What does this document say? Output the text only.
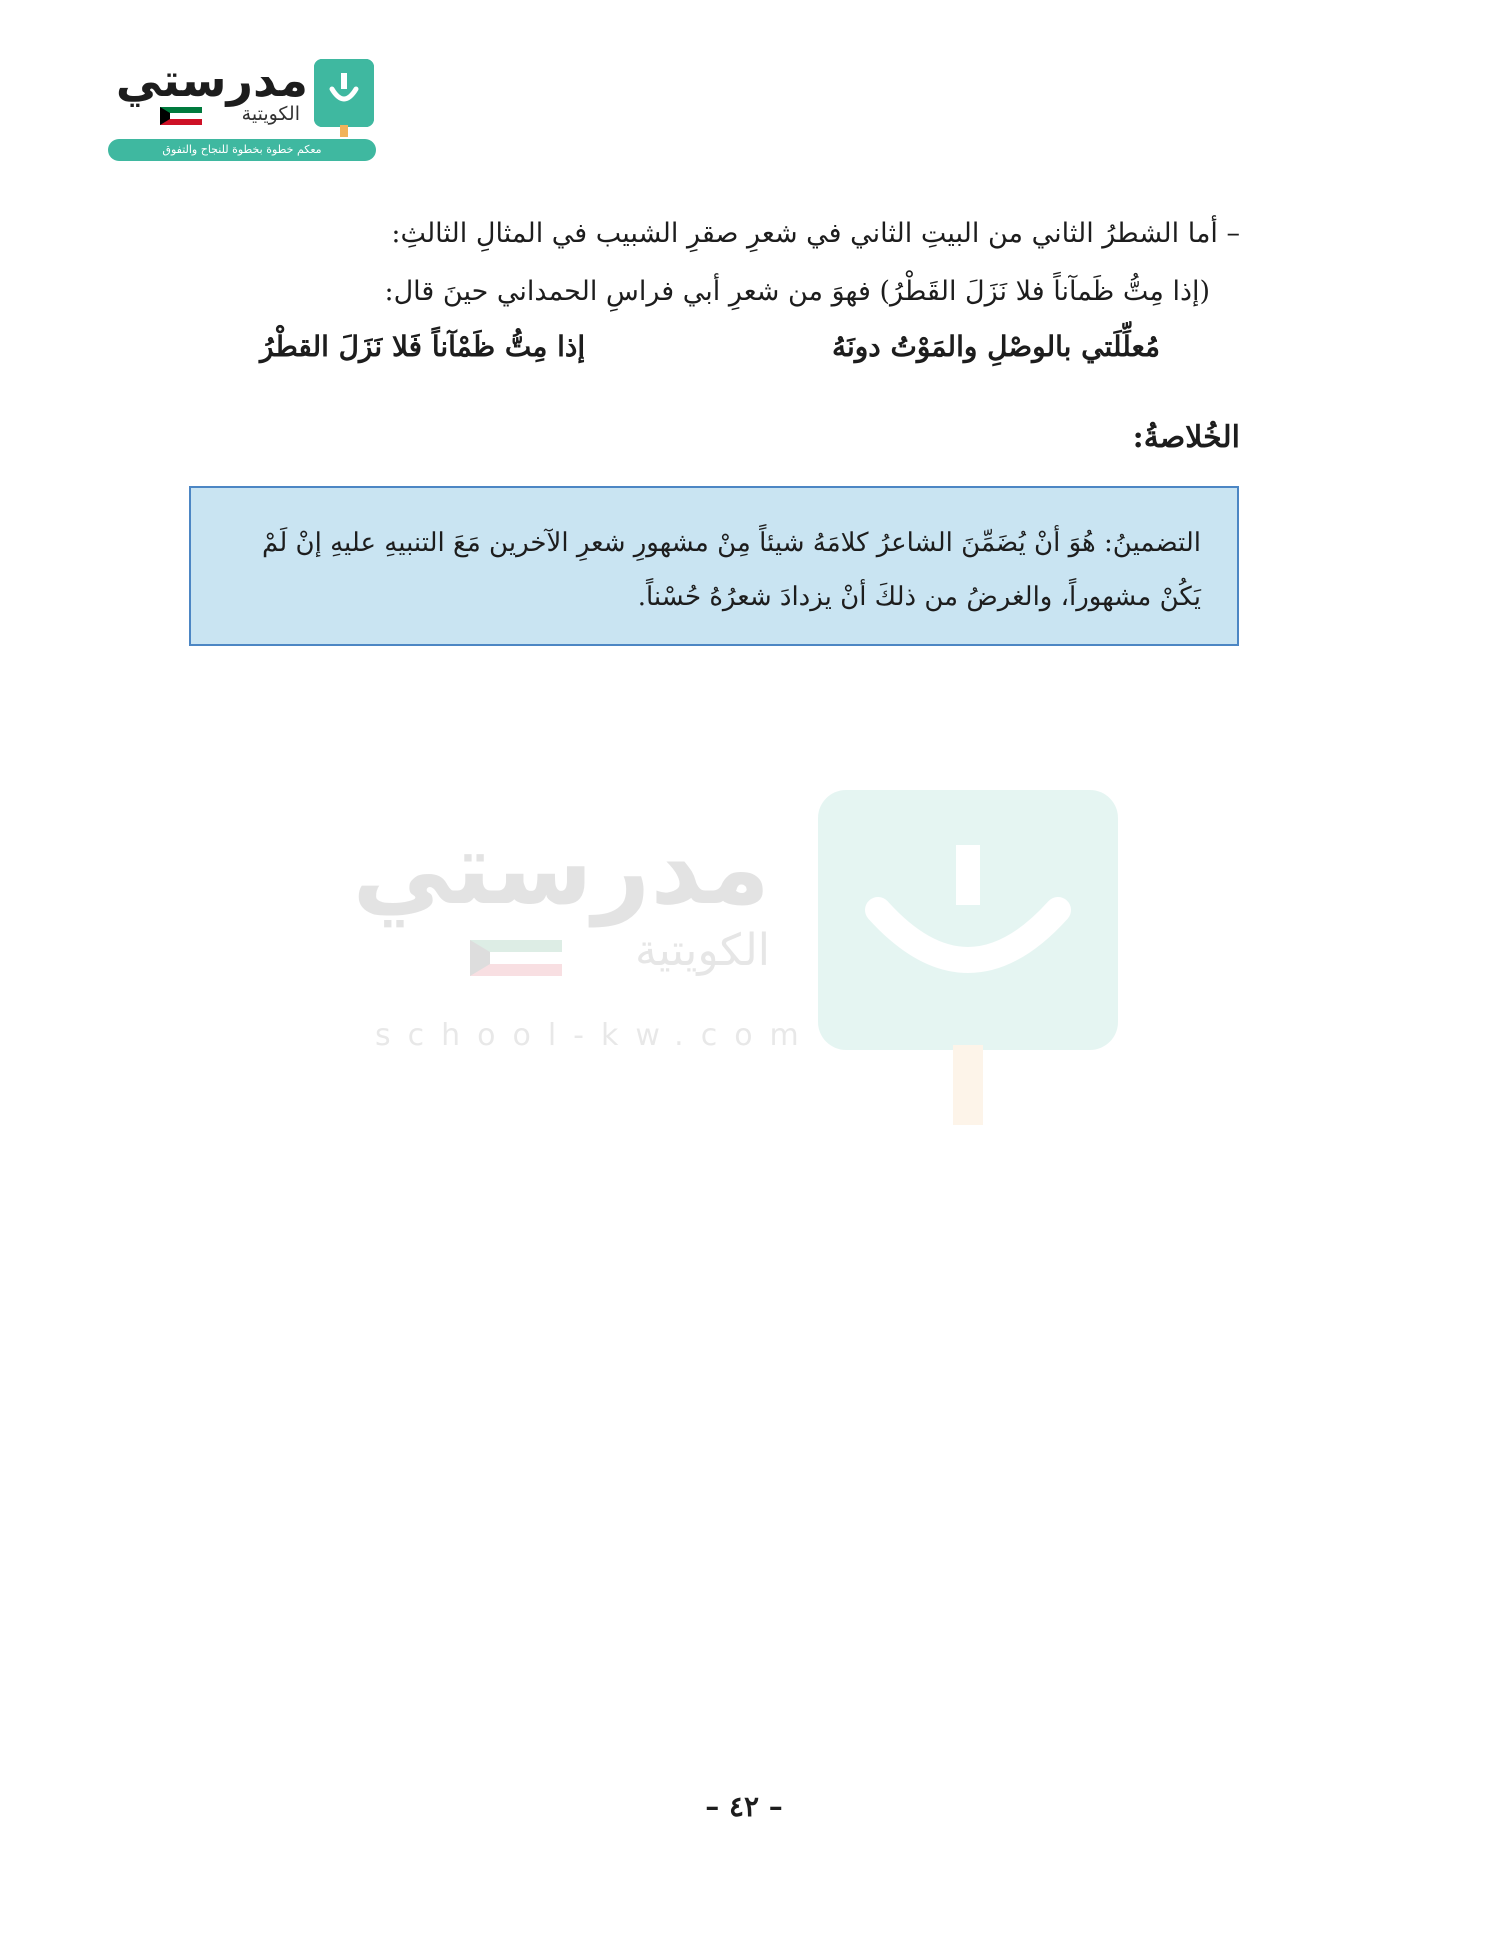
مدرستي
الكويتية
معكم خطوة بخطوة للنجاح والتفوق
– أما الشطرُ الثاني من البيتِ الثاني في شعرِ صقرِ الشبيب في المثالِ الثالثِ:
(إذا مِتُّ ظَمآناً فلا نَزَلَ القَطْرُ) فهوَ من شعرِ أبي فراسِ الحمداني حينَ قال:
مُعلِّلَتي بالوصْلِ والمَوْتُ دونَهُ
إذا مِتُّ ظَمْآناً فَلا نَزَلَ القطْرُ
الخُلاصةُ:
التضمينُ: هُوَ أنْ يُضَمِّنَ الشاعرُ كلامَهُ شيئاً مِنْ مشهورِ شعرِ الآخرين مَعَ التنبيهِ عليهِ إنْ لَمْ يَكُنْ مشهوراً، والغرضُ من ذلكَ أنْ يزدادَ شعرُهُ حُسْناً.
مدرستي
الكويتية
school-kw.com
– ٤٢ –
